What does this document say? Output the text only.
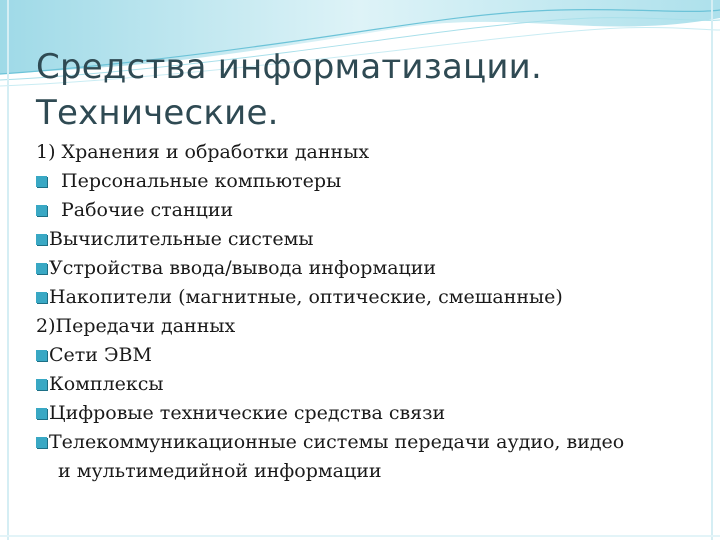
Средства информатизации.
Технические.
1) Хранения и обработки данных
Персональные компьютеры
Рабочие станции
Вычислительные системы
Устройства ввода/вывода информации
Накопители (магнитные, оптические, смешанные)
2)Передачи данных
Сети ЭВМ
Комплексы
Цифровые технические средства связи
Телекоммуникационные системы передачи аудио, видео
и мультимедийной информации
